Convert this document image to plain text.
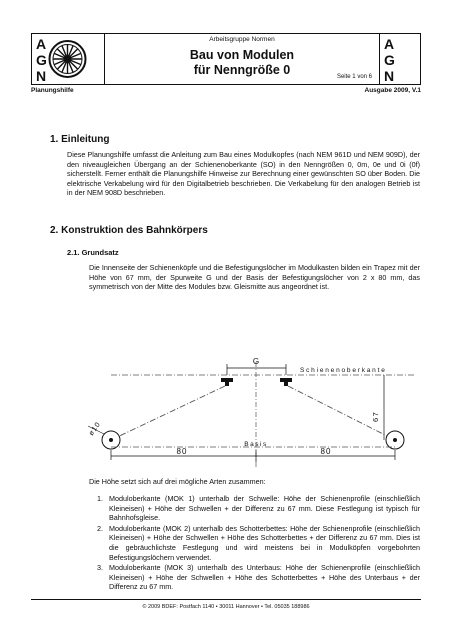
A
G
N
Arbeitsgruppe Normen
Bau von Modulen
für Nenngröße 0	Seite 1 von 6
A
G
N
Planungshilfe	Ausgabe 2009, V.1
1. Einleitung
Diese Planungshilfe umfasst die Anleitung zum Bau eines Modulkopfes (nach NEM 961D und NEM 909D), der den niveaugleichen Übergang an der Schienenoberkante (SO) in den Nenngrößen 0, 0m, 0e und 0i (0f) sicherstellt. Ferner enthält die Planungshilfe Hinweise zur Berechnung einer gewünschten SO über Boden. Die elektrische Verkabelung wird für den Digitalbetrieb beschrieben. Die Verkabelung für den analogen Betrieb ist in der NEM 908D beschrieben.
2. Konstruktion des Bahnkörpers
2.1. Grundsatz
Die Innenseite der Schienenköpfe und die Befestigungslöcher im Modulkasten bilden ein Trapez mit der Höhe von 67 mm, der Spurweite G und der Basis der Befestigungslöcher von 2 x 80 mm, das symmetrisch von der Mitte des Modules bzw. Gleismitte aus angeordnet ist.
G
Schienenoberkante
67
ø10
Basis
80	80
Die Höhe setzt sich auf drei mögliche Arten zusammen:
1. Moduloberkante (MOK 1) unterhalb der Schwelle: Höhe der Schienenprofile (einschließlich Kleineisen) + Höhe der Schwellen + der Differenz zu 67 mm. Diese Festlegung ist typisch für Bahnhofsgleise.
2. Moduloberkante (MOK 2) unterhalb des Schotterbettes: Höhe der Schienenprofile (einschließlich Kleineisen) + Höhe der Schwellen + Höhe des Schotterbettes + der Differenz zu 67 mm. Dies ist die gebräuchlichste Festlegung und wird meistens bei in Modulköpfen vorgebohrten Befestigungslöchern verwendet.
3. Moduloberkante (MOK 3) unterhalb des Unterbaus: Höhe der Schienenprofile (einschließlich Kleineisen) + Höhe der Schwellen + Höhe des Schotterbettes + Höhe des Unterbaus + der Differenz zu 67 mm.
© 2009 BDEF: Postfach 1140 • 30011 Hannover • Tel. 05035 188986
